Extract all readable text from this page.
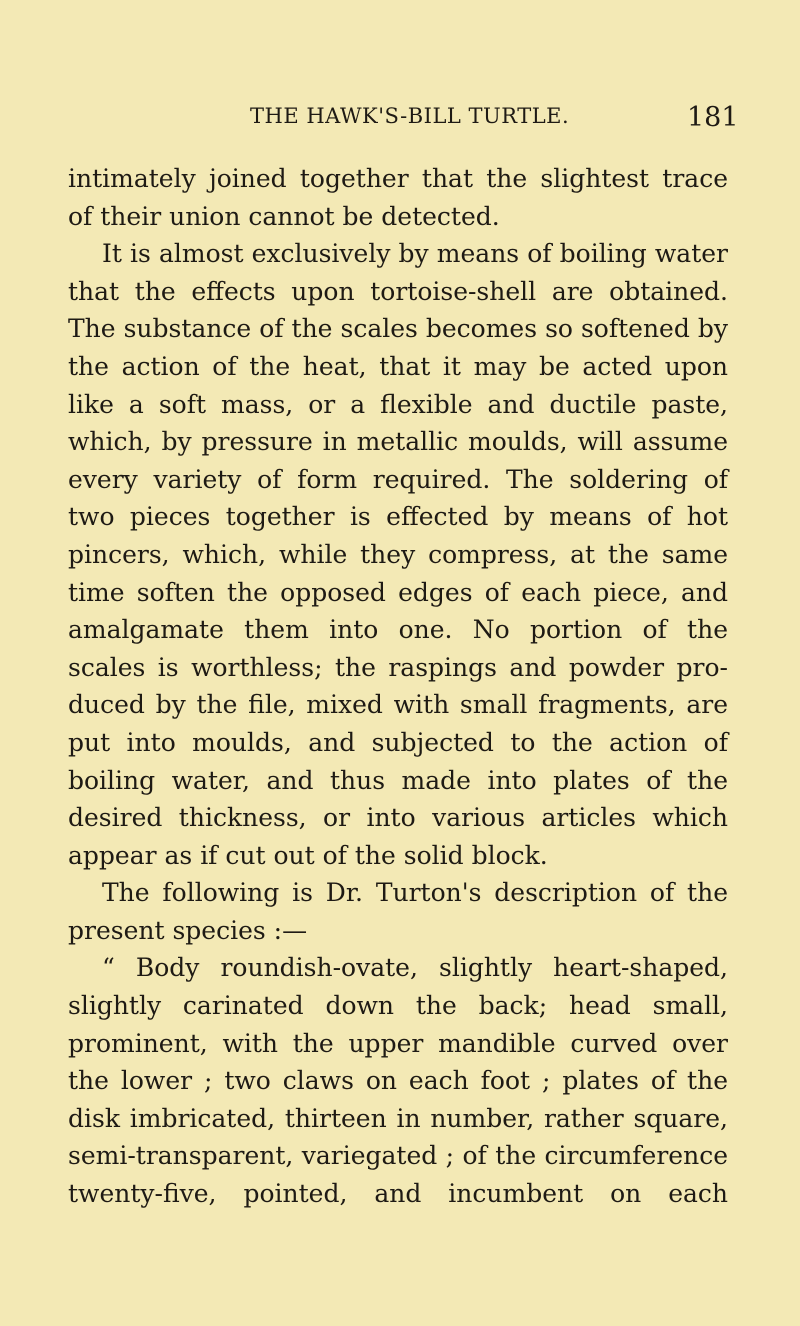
THE HAWK'S-BILL TURTLE.	181
intimately joined together that the slightest trace
of their union cannot be detected.
It is almost exclusively by means of boiling water
that the effects upon tortoise-shell are obtained.
The substance of the scales becomes so softened by
the action of the heat, that it may be acted upon
like a soft mass, or a flexible and ductile paste,
which, by pressure in metallic moulds, will assume
every variety of form required. The soldering of
two pieces together is effected by means of hot
pincers, which, while they compress, at the same
time soften the opposed edges of each piece, and
amalgamate them into one. No portion of the
scales is worthless; the raspings and powder pro-
duced by the file, mixed with small fragments, are
put into moulds, and subjected to the action of
boiling water, and thus made into plates of the
desired thickness, or into various articles which
appear as if cut out of the solid block.
The following is Dr. Turton's description of the
present species :—
“ Body roundish-ovate, slightly heart-shaped,
slightly carinated down the back; head small,
prominent, with the upper mandible curved over
the lower ; two claws on each foot ; plates of the
disk imbricated, thirteen in number, rather square,
semi-transparent, variegated ; of the circumference
twenty-five, pointed, and incumbent on each
